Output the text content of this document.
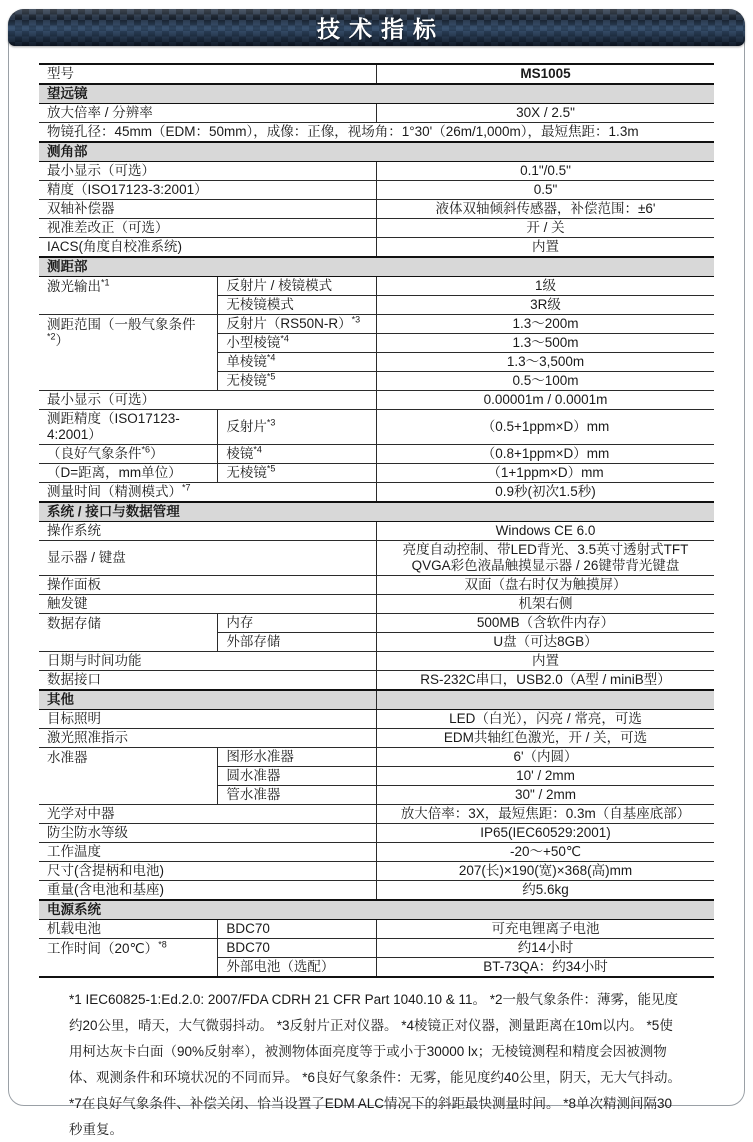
技术指标
型号		MS1005
望远镜		
放大倍率 / 分辨率		30X / 2.5"
物镜孔径：45mm（EDM：50mm），成像：正像，视场角：1°30'（26m/1,000m），最短焦距：1.3m		
测角部		
最小显示（可选）		0.1"/0.5"
精度（ISO17123-3:2001）		0.5"
双轴补偿器		液体双轴倾斜传感器，补偿范围：±6'
视准差改正（可选）		开 / 关
IACS(角度自校准系统)		内置
测距部		
激光输出$^{*1}$	反射片 / 棱镜模式	1级
	无棱镜模式	3R级
测距范围（一般气象条件$^{*2}$）	反射片$(RS50N-R)^{*3}$	1.3～200m
	小型棱镜$^{*4}$	1.3～500m
	单棱镜$^{*4}$	1.3～3,500m
	无棱镜$^{*5}$	0.5～100m
最小显示（可选）		0.00001m / 0.0001m
测距精度（ISO17123-4:2001）	反射片$^{*3}$	（0.5+1ppm×D）mm
（良好气象条件$^{*6}$）	棱镜$^{*4}$	（0.8+1ppm×D）mm
（D=距离，mm单位）	无棱镜$^{*5}$	（1+1ppm×D）mm
测量时间（精测模式）$^{*7}$		0.9秒(初次1.5秒)
系统 / 接口与数据管理		
操作系统		Windows CE 6.0
显示器 / 键盘		亮度自动控制、带LED背光、3.5英寸透射式TFT QVGA彩色液晶触摸显示器 / 26键带背光键盘
操作面板		双面（盘右时仅为触摸屏）
触发键		机架右侧
数据存储	内存	500MB（含软件内存）
	外部存储	U盘（可达8GB）
日期与时间功能		内置
数据接口		RS-232C串口，USB2.0（A型 / miniB型）
其他		
目标照明		LED（白光），闪亮 / 常亮，可选
激光照准指示		EDM共轴红色激光，开 / 关，可选
水准器	图形水准器	6'（内圆）
	圆水准器	10' / 2mm
	管水准器	30" / 2mm
光学对中器		放大倍率：3X，最短焦距：0.3m（自基座底部）
防尘防水等级		IP65(IEC60529:2001)
工作温度		-20～+50℃
尺寸(含提柄和电池)		207(长)×190(宽)×368(高)mm
重量(含电池和基座)		约5.6kg
电源系统		
机载电池	BDC70	可充电锂离子电池
工作时间（20℃）$^{*8}$	BDC70	约14小时
	外部电池（选配）	BT-73QA：约34小时

*1 IEC60825-1:Ed.2.0: 2007/FDA CDRH 21 CFR Part 1040.10 & 11。 *2一般气象条件：薄雾，能见度约20公里，晴天，大气微弱抖动。 *3反射片正对仪器。 *4棱镜正对仪器，测量距离在10m以内。 *5使用柯达灰卡白面（90%反射率），被测物体面亮度等于或小于30000 lx；无棱镜测程和精度会因被测物体、观测条件和环境状况的不同而异。 *6良好气象条件：无雾，能见度约40公里，阴天，无大气抖动。 *7在良好气象条件、补偿关闭、恰当设置了EDM ALC情况下的斜距最快测量时间。 *8单次精测间隔30秒重复。
